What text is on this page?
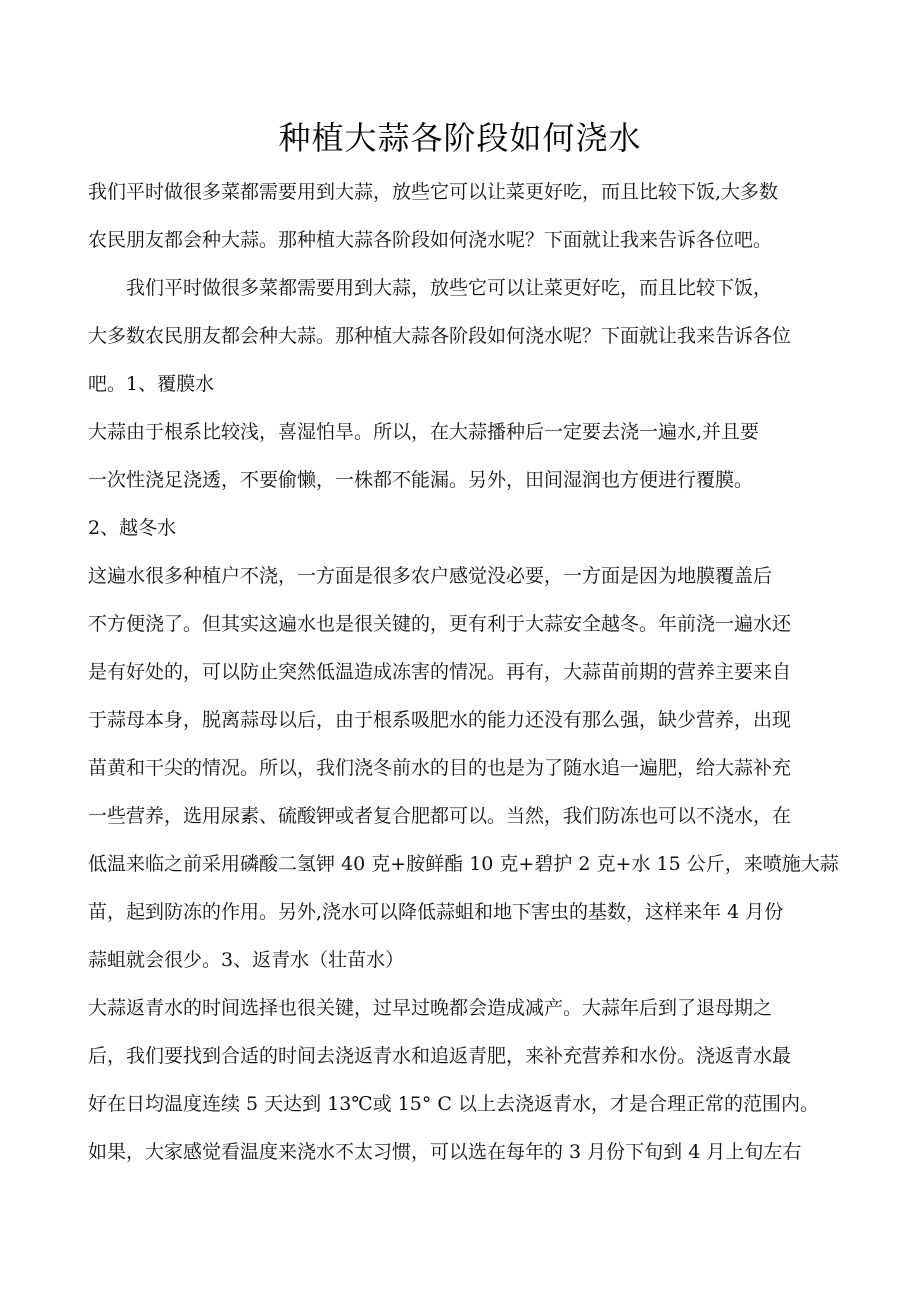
种植大蒜各阶段如何浇水
我们平时做很多菜都需要用到大蒜，放些它可以让菜更好吃，而且比较下饭,大多数
农民朋友都会种大蒜。那种植大蒜各阶段如何浇水呢？下面就让我来告诉各位吧。
　　我们平时做很多菜都需要用到大蒜，放些它可以让菜更好吃，而且比较下饭，
大多数农民朋友都会种大蒜。那种植大蒜各阶段如何浇水呢？下面就让我来告诉各位
吧。1、覆膜水
大蒜由于根系比较浅，喜湿怕旱。所以，在大蒜播种后一定要去浇一遍水,并且要
一次性浇足浇透，不要偷懒，一株都不能漏。另外，田间湿润也方便进行覆膜。
2、越冬水
这遍水很多种植户不浇，一方面是很多农户感觉没必要，一方面是因为地膜覆盖后
不方便浇了。但其实这遍水也是很关键的，更有利于大蒜安全越冬。年前浇一遍水还
是有好处的，可以防止突然低温造成冻害的情况。再有，大蒜苗前期的营养主要来自
于蒜母本身，脱离蒜母以后，由于根系吸肥水的能力还没有那么强，缺少营养，出现
苗黄和干尖的情况。所以，我们浇冬前水的目的也是为了随水追一遍肥，给大蒜补充
一些营养，选用尿素、硫酸钾或者复合肥都可以。当然，我们防冻也可以不浇水，在
低温来临之前采用磷酸二氢钾 40 克+胺鲜酯 10 克+碧护 2 克+水 15 公斤，来喷施大蒜
苗，起到防冻的作用。另外,浇水可以降低蒜蛆和地下害虫的基数，这样来年 4 月份
蒜蛆就会很少。3、返青水（壮苗水）
大蒜返青水的时间选择也很关键，过早过晚都会造成减产。大蒜年后到了退母期之
后，我们要找到合适的时间去浇返青水和追返青肥，来补充营养和水份。浇返青水最
好在日均温度连续 5 天达到 13℃或 15° C 以上去浇返青水，才是合理正常的范围内。
如果，大家感觉看温度来浇水不太习惯，可以选在每年的 3 月份下旬到 4 月上旬左右
